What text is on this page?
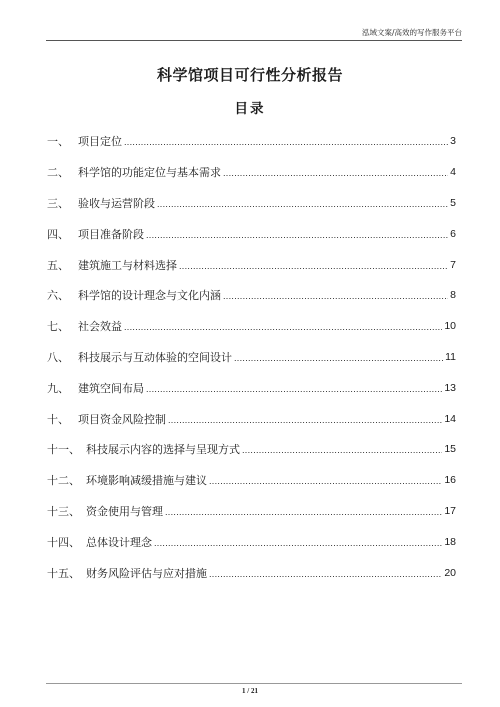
泓域文案/高效的写作服务平台
科学馆项目可行性分析报告
目录
一、 项目定位 .....	3
二、 科学馆的功能定位与基本需求 .....	4
三、 验收与运营阶段 .....	5
四、 项目准备阶段 .....	6
五、 建筑施工与材料选择 .....	7
六、 科学馆的设计理念与文化内涵 .....	8
七、 社会效益 .....	10
八、 科技展示与互动体验的空间设计 .....	11
九、 建筑空间布局 .....	13
十、 项目资金风险控制 .....	14
十一、 科技展示内容的选择与呈现方式 .....	15
十二、 环境影响减缓措施与建议 .....	16
十三、 资金使用与管理 .....	17
十四、 总体设计理念 .....	18
十五、 财务风险评估与应对措施 .....	20
1 / 21
